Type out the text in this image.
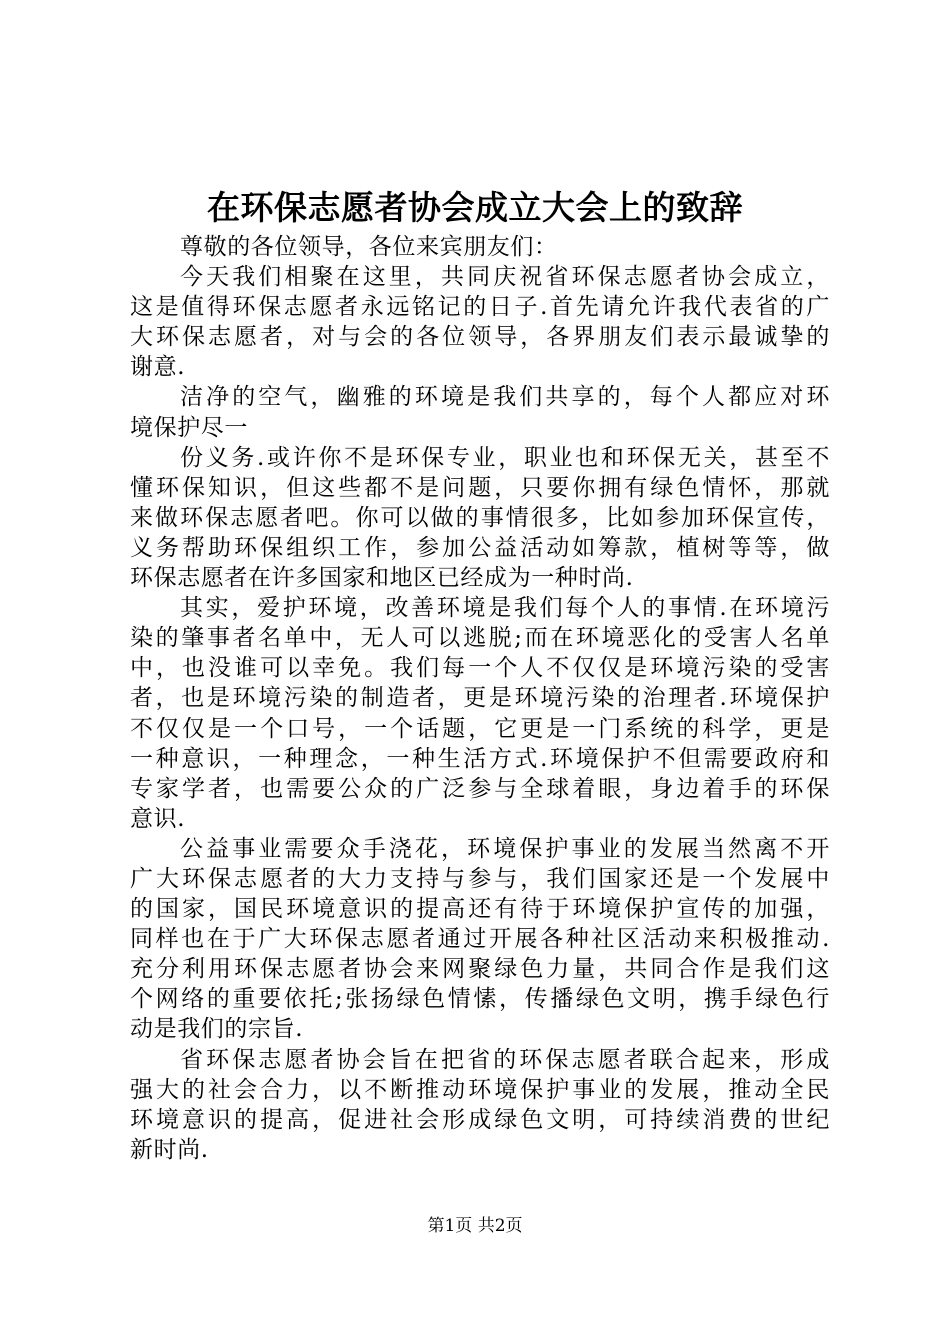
在环保志愿者协会成立大会上的致辞
尊敬的各位领导，各位来宾朋友们：
今天我们相聚在这里，共同庆祝省环保志愿者协会成立，
这是值得环保志愿者永远铭记的日子.首先请允许我代表省的广
大环保志愿者，对与会的各位领导，各界朋友们表示最诚挚的
谢意.
洁净的空气，幽雅的环境是我们共享的，每个人都应对环
境保护尽一
份义务.或许你不是环保专业，职业也和环保无关，甚至不
懂环保知识，但这些都不是问题，只要你拥有绿色情怀，那就
来做环保志愿者吧。你可以做的事情很多，比如参加环保宣传，
义务帮助环保组织工作，参加公益活动如筹款，植树等等，做
环保志愿者在许多国家和地区已经成为一种时尚.
其实，爱护环境，改善环境是我们每个人的事情.在环境污
染的肇事者名单中，无人可以逃脱;而在环境恶化的受害人名单
中，也没谁可以幸免。我们每一个人不仅仅是环境污染的受害
者，也是环境污染的制造者，更是环境污染的治理者.环境保护
不仅仅是一个口号，一个话题，它更是一门系统的科学，更是
一种意识，一种理念，一种生活方式.环境保护不但需要政府和
专家学者，也需要公众的广泛参与全球着眼，身边着手的环保
意识.
公益事业需要众手浇花，环境保护事业的发展当然离不开
广大环保志愿者的大力支持与参与，我们国家还是一个发展中
的国家，国民环境意识的提高还有待于环境保护宣传的加强，
同样也在于广大环保志愿者通过开展各种社区活动来积极推动.
充分利用环保志愿者协会来网聚绿色力量，共同合作是我们这
个网络的重要依托;张扬绿色情愫，传播绿色文明，携手绿色行
动是我们的宗旨.
省环保志愿者协会旨在把省的环保志愿者联合起来，形成
强大的社会合力，以不断推动环境保护事业的发展，推动全民
环境意识的提高，促进社会形成绿色文明，可持续消费的世纪
新时尚.
第1页 共2页
